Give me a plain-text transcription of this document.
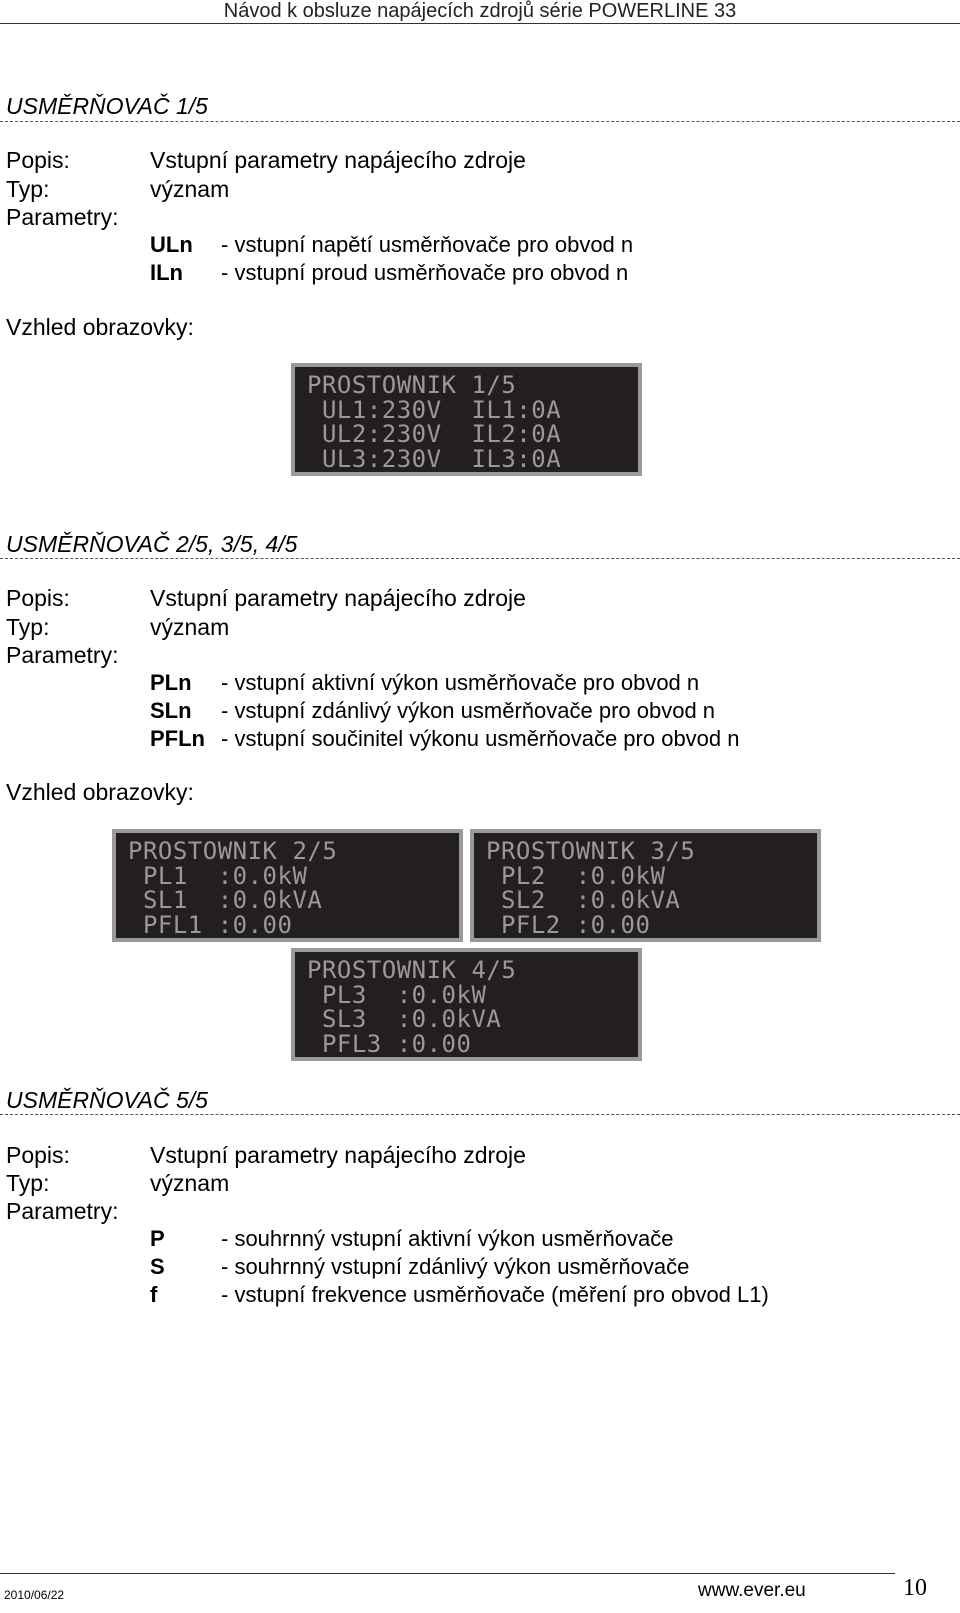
Návod k obsluze napájecích zdrojů série POWERLINE 33
USMĚRŇOVAČ 1/5
Popis:	Vstupní parametry napájecího zdroje
Typ:	význam
Parametry:
ULn - vstupní napětí usměrňovače pro obvod n
ILn - vstupní proud usměrňovače pro obvod n
Vzhled obrazovky:
PROSTOWNIK 1/5
UL1:230V  IL1:0A
UL2:230V  IL2:0A
UL3:230V  IL3:0A
USMĚRŇOVAČ 2/5, 3/5, 4/5
Popis:	Vstupní parametry napájecího zdroje
Typ:	význam
Parametry:
PLn - vstupní aktivní výkon usměrňovače pro obvod n
SLn - vstupní zdánlivý výkon usměrňovače pro obvod n
PFLn - vstupní součinitel výkonu usměrňovače pro obvod n
Vzhled obrazovky:
PROSTOWNIK 2/5
PL1  :0.0kW
SL1  :0.0kVA
PFL1 :0.00
PROSTOWNIK 3/5
PL2  :0.0kW
SL2  :0.0kVA
PFL2 :0.00
PROSTOWNIK 4/5
PL3  :0.0kW
SL3  :0.0kVA
PFL3 :0.00
USMĚRŇOVAČ 5/5
Popis:	Vstupní parametry napájecího zdroje
Typ:	význam
Parametry:
P	- souhrnný vstupní aktivní výkon usměrňovače
S	- souhrnný vstupní zdánlivý výkon usměrňovače
f	- vstupní frekvence usměrňovače (měření pro obvod L1)
2010/06/22	www.ever.eu	10
